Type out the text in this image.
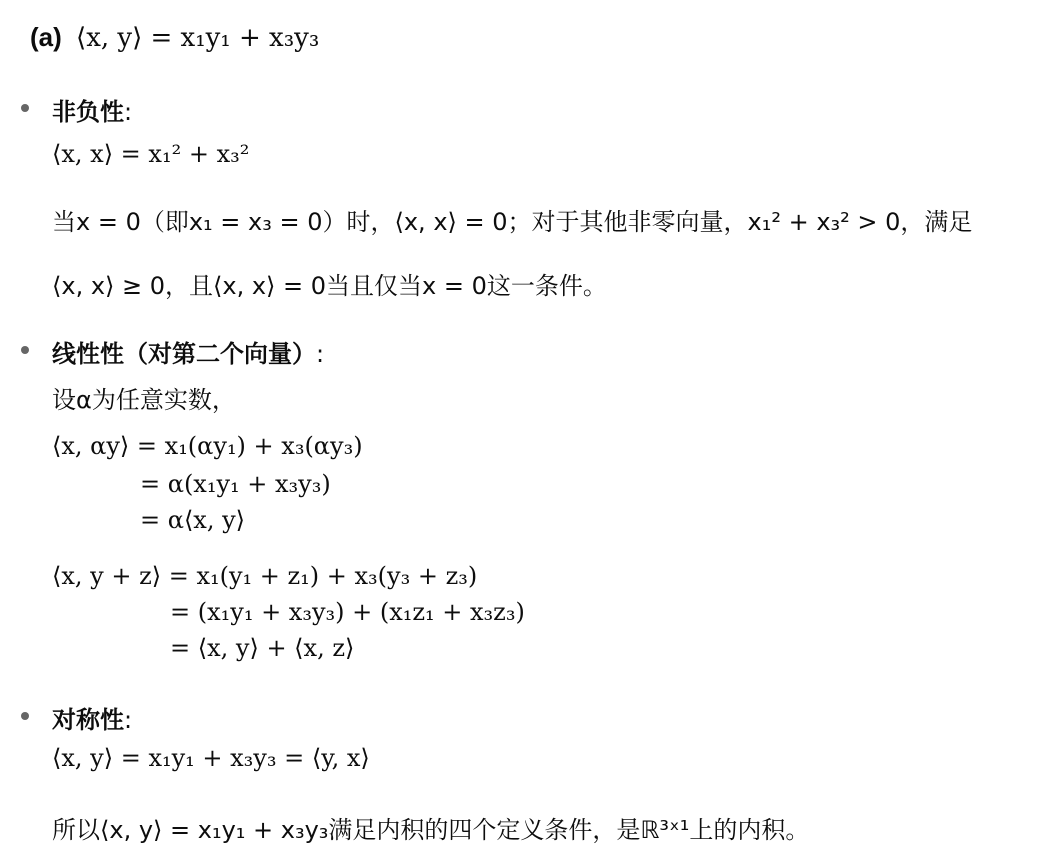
(a) ⟨x, y⟩ = x₁y₁ + x₃y₃
非负性:
⟨x, x⟩ = x₁² + x₃²
当x = 0（即x₁ = x₃ = 0）时，⟨x, x⟩ = 0；对于其他非零向量，x₁² + x₃² > 0，满足
⟨x, x⟩ ≥ 0，且⟨x, x⟩ = 0当且仅当x = 0这一条件。
线性性（对第二个向量）:
设α为任意实数，
⟨x, αy⟩ = x₁(αy₁) + x₃(αy₃)
= α(x₁y₁ + x₃y₃)
= α⟨x, y⟩
⟨x, y + z⟩ = x₁(y₁ + z₁) + x₃(y₃ + z₃)
= (x₁y₁ + x₃y₃) + (x₁z₁ + x₃z₃)
= ⟨x, y⟩ + ⟨x, z⟩
对称性:
⟨x, y⟩ = x₁y₁ + x₃y₃ = ⟨y, x⟩
所以⟨x, y⟩ = x₁y₁ + x₃y₃满足内积的四个定义条件，是ℝ³ˣ¹上的内积。
